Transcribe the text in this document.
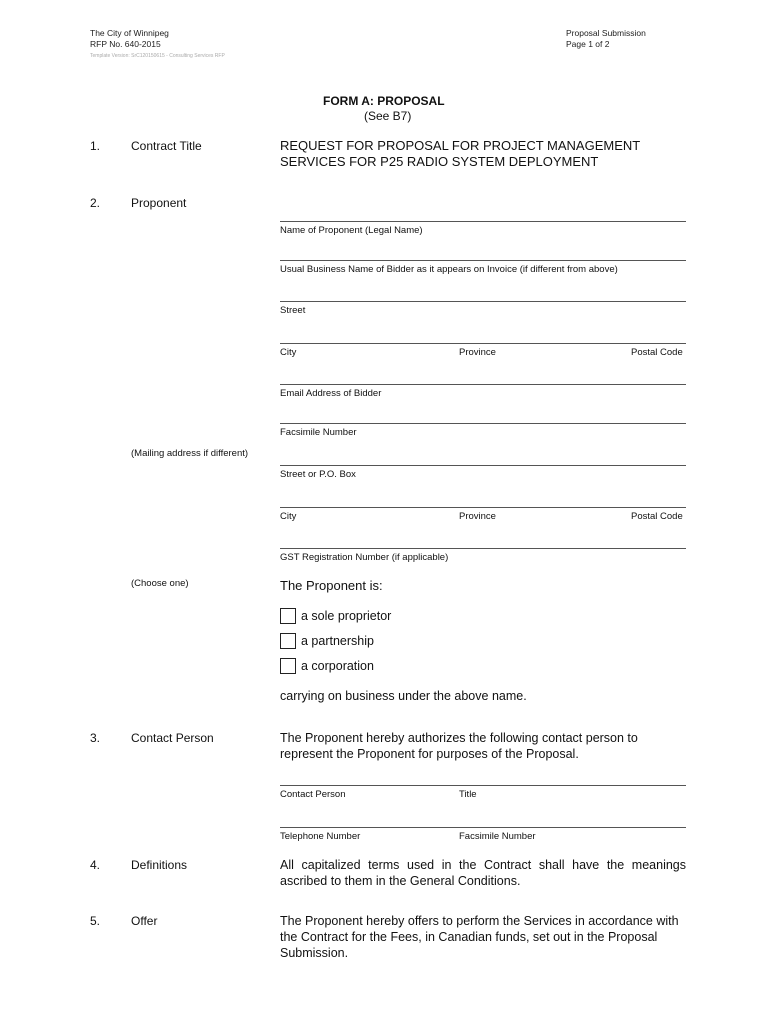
The City of Winnipeg
RFP No. 640-2015
Template Version: SrC120150615 - Consulting Services RFP
Proposal Submission
Page 1 of 2
FORM A: PROPOSAL
(See B7)
1.	Contract Title	REQUEST FOR PROPOSAL FOR PROJECT MANAGEMENT
SERVICES FOR P25 RADIO SYSTEM DEPLOYMENT
2.	Proponent
Name of Proponent (Legal Name)
Usual Business Name of Bidder as it appears on Invoice (if different from above)
Street
City	Province	Postal Code
Email Address of Bidder
Facsimile Number
(Mailing address if different)
Street or P.O. Box
City	Province	Postal Code
GST Registration Number (if applicable)
(Choose one)	The Proponent is:
a sole proprietor
a partnership
a corporation
carrying on business under the above name.
3.	Contact Person	The Proponent hereby authorizes the following contact person to represent the Proponent for purposes of the Proposal.
Contact Person	Title
Telephone Number	Facsimile Number
4.	Definitions	All capitalized terms used in the Contract shall have the meanings ascribed to them in the General Conditions.
5.	Offer	The Proponent hereby offers to perform the Services in accordance with the Contract for the Fees, in Canadian funds, set out in the Proposal Submission.
